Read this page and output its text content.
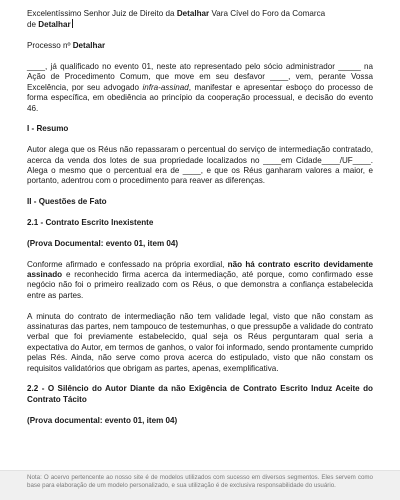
Excelentíssimo Senhor Juiz de Direito da Detalhar Vara Cível do Foro da Comarca
de Detalhar

Processo nº Detalhar

____, já qualificado no evento 01, neste ato representado pelo sócio administrador _____ na Ação de Procedimento Comum, que move em seu desfavor ____, vem, perante Vossa Excelência, por seu advogado infra-assinad, manifestar e apresentar esboço do processo de forma específica, em obediência ao princípio da cooperação processual, e decisão do evento 46.

I - Resumo

Autor alega que os Réus não repassaram o percentual do serviço de intermediação contratado, acerca da venda dos lotes de sua propriedade localizados no ____em Cidade____/UF____. Alega o mesmo que o percentual era de ____, e que os Réus ganharam valores a maior, e portanto, adentrou com o procedimento para reaver as diferenças.

II - Questões de Fato

2.1 - Contrato Escrito Inexistente

(Prova Documental: evento 01, item 04)

Conforme afirmado e confessado na própria exordial, não há contrato escrito devidamente assinado e reconhecido firma acerca da intermediação, até porque, como confirmado esse negócio não foi o primeiro realizado com os Réus, o que demonstra a confiança estabelecida entre as partes.

A minuta do contrato de intermediação não tem validade legal, visto que não constam as assinaturas das partes, nem tampouco de testemunhas, o que pressupõe a validade do contrato verbal que foi previamente estabelecido, qual seja os Réus perguntaram qual seria a expectativa do Autor, em termos de ganhos, o valor foi informado, sendo prontamente cumprido pelas Rés. Ainda, não serve como prova acerca do estipulado, visto que não constam os requisitos validatórios que obrigam as partes, apenas, exemplificativa.

2.2 - O Silêncio do Autor Diante da não Exigência de Contrato Escrito Induz Aceite do Contrato Tácito

(Prova documental: evento 01, item 04)

Nota: O acervo pertencente ao nosso site é de modelos utilizados com sucesso em diversos segmentos. Eles servem como base para elaboração de um modelo personalizado, e sua utilização é de exclusiva responsabilidade do usuário.
